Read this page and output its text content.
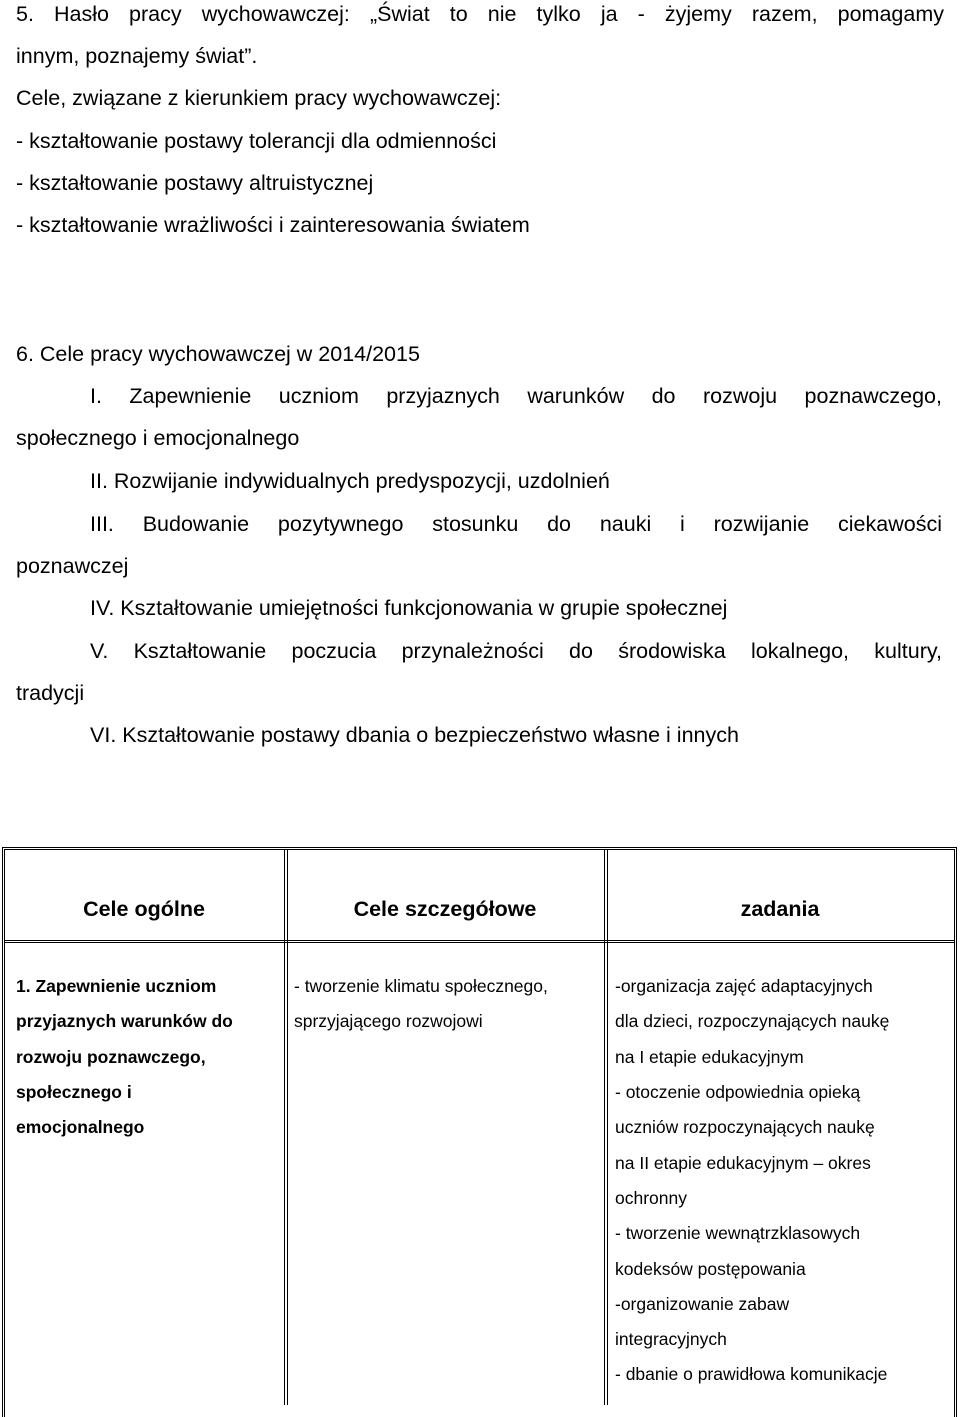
5. Hasło pracy wychowawczej: „Świat to nie tylko ja - żyjemy razem, pomagamy
innym, poznajemy świat”.
Cele, związane z kierunkiem pracy wychowawczej:
- kształtowanie postawy tolerancji dla odmienności
- kształtowanie postawy altruistycznej
- kształtowanie wrażliwości i zainteresowania światem
6. Cele pracy wychowawczej w 2014/2015
I. Zapewnienie uczniom przyjaznych warunków do rozwoju poznawczego,
społecznego i emocjonalnego
II. Rozwijanie indywidualnych predyspozycji, uzdolnień
III. Budowanie pozytywnego stosunku do nauki i rozwijanie ciekawości
poznawczej
IV. Kształtowanie umiejętności funkcjonowania w grupie społecznej
V. Kształtowanie poczucia przynależności do środowiska lokalnego, kultury,
tradycji
VI. Kształtowanie postawy dbania o bezpieczeństwo własne i innych
Cele ogólne	Cele szczegółowe	zadania
1. Zapewnienie uczniom
przyjaznych warunków do
rozwoju poznawczego,
społecznego i
emocjonalnego
- tworzenie klimatu społecznego,
sprzyjającego rozwojowi
-organizacja zajęć adaptacyjnych
dla dzieci, rozpoczynających naukę
na I etapie edukacyjnym
- otoczenie odpowiednia opieką
uczniów rozpoczynających naukę
na II etapie edukacyjnym – okres
ochronny
- tworzenie wewnątrzklasowych
kodeksów postępowania
-organizowanie zabaw
integracyjnych
- dbanie o prawidłowa komunikacje
